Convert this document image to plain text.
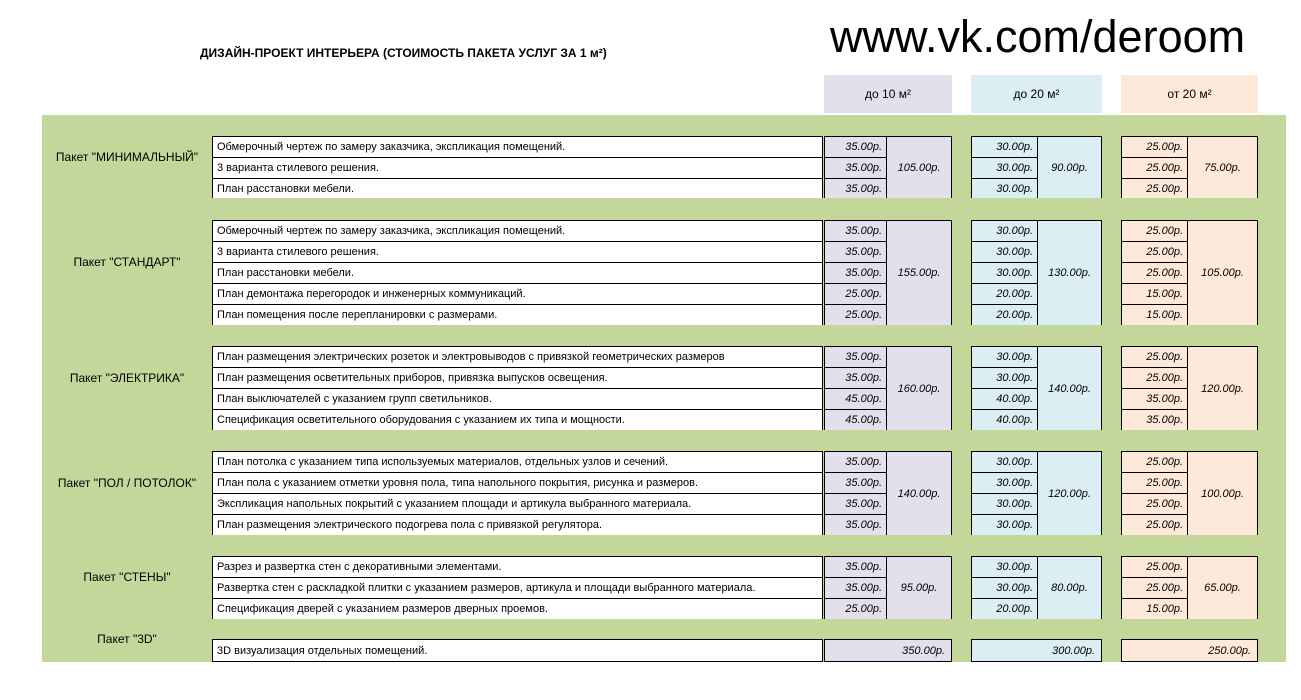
ДИЗАЙН-ПРОЕКТ ИНТЕРЬЕРА (СТОИМОСТЬ ПАКЕТА УСЛУГ ЗА 1 м²)	www.vk.com/deroom
до 10 м²	до 20 м²	от 20 м²
Пакет "МИНИМАЛЬНЫЙ"
Обмерочный чертеж по замеру заказчика, экспликация помещений.	35.00р.	30.00р.	25.00р.
3 варианта стилевого решения.	35.00р.	30.00р.	25.00р.
План расстановки мебели.	35.00р.	30.00р.	25.00р.
105.00р.	90.00р.	75.00р.
Пакет "СТАНДАРТ"
Обмерочный чертеж по замеру заказчика, экспликация помещений.	35.00р.	30.00р.	25.00р.
3 варианта стилевого решения.	35.00р.	30.00р.	25.00р.
План расстановки мебели.	35.00р.	30.00р.	25.00р.
План демонтажа перегородок и инженерных коммуникаций.	25.00р.	20.00р.	15.00р.
План помещения после перепланировки с размерами.	25.00р.	20.00р.	15.00р.
155.00р.	130.00р.	105.00р.
Пакет "ЭЛЕКТРИКА"
План размещения электрических розеток и электровыводов с привязкой геометрических размеров	35.00р.	30.00р.	25.00р.
План размещения осветительных приборов, привязка выпусков освещения.	35.00р.	30.00р.	25.00р.
План выключателей с указанием групп светильников.	45.00р.	40.00р.	35.00р.
Спецификация осветительного оборудования с указанием их типа и мощности.	45.00р.	40.00р.	35.00р.
160.00р.	140.00р.	120.00р.
Пакет "ПОЛ / ПОТОЛОК"
План потолка с указанием типа используемых материалов, отдельных узлов и сечений.	35.00р.	30.00р.	25.00р.
План пола с указанием отметки уровня пола, типа напольного покрытия, рисунка и размеров.	35.00р.	30.00р.	25.00р.
Экспликация напольных покрытий с указанием площади и артикула выбранного материала.	35.00р.	30.00р.	25.00р.
План размещения электрического подогрева пола с привязкой регулятора.	35.00р.	30.00р.	25.00р.
140.00р.	120.00р.	100.00р.
Пакет "СТЕНЫ"
Разрез и развертка стен с декоративными элементами.	35.00р.	30.00р.	25.00р.
Развертка стен с раскладкой плитки с указанием размеров, артикула и площади выбранного материала.	35.00р.	30.00р.	25.00р.
Спецификация дверей с указанием размеров дверных проемов.	25.00р.	20.00р.	15.00р.
95.00р.	80.00р.	65.00р.
Пакет "3D"
3D визуализация отдельных помещений.	350.00р.	300.00р.	250.00р.
